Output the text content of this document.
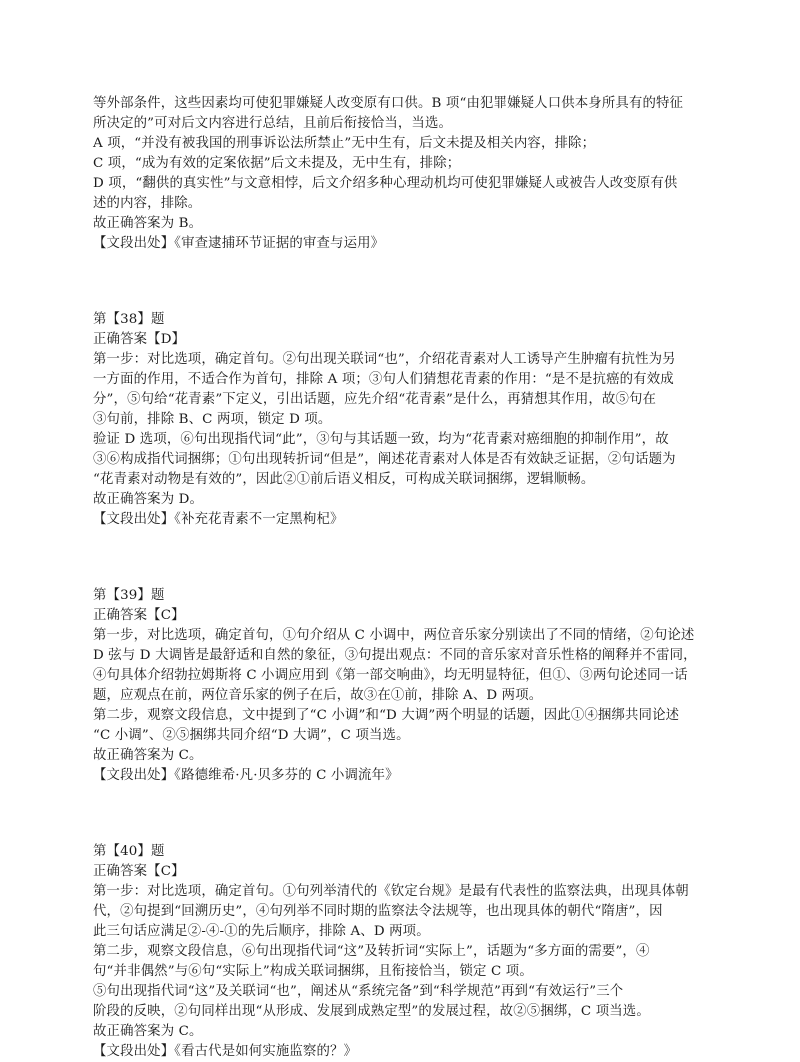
等外部条件，这些因素均可使犯罪嫌疑人改变原有口供。B 项“由犯罪嫌疑人口供本身所具有的特征
所决定的”可对后文内容进行总结，且前后衔接恰当，当选。
A 项，“并没有被我国的刑事诉讼法所禁止”无中生有，后文未提及相关内容，排除；
C 项，“成为有效的定案依据”后文未提及，无中生有，排除；
D 项，“翻供的真实性”与文意相悖，后文介绍多种心理动机均可使犯罪嫌疑人或被告人改变原有供
述的内容，排除。
故正确答案为 B。
【文段出处】《审查逮捕环节证据的审查与运用》
第【38】题
正确答案【D】
第一步：对比选项，确定首句。②句出现关联词“也”，介绍花青素对人工诱导产生肿瘤有抗性为另
一方面的作用，不适合作为首句，排除 A 项；③句人们猜想花青素的作用：“是不是抗癌的有效成
分”，⑤句给“花青素”下定义，引出话题，应先介绍“花青素”是什么，再猜想其作用，故⑤句在
③句前，排除 B、C 两项，锁定 D 项。
验证 D 选项，⑥句出现指代词“此”，③句与其话题一致，均为“花青素对癌细胞的抑制作用”，故
③⑥构成指代词捆绑；①句出现转折词“但是”，阐述花青素对人体是否有效缺乏证据，②句话题为
“花青素对动物是有效的”，因此②①前后语义相反，可构成关联词捆绑，逻辑顺畅。
故正确答案为 D。
【文段出处】《补充花青素不一定黑枸杞》
第【39】题
正确答案【C】
第一步，对比选项，确定首句，①句介绍从 C 小调中，两位音乐家分别读出了不同的情绪，②句论述
D 弦与 D 大调皆是最舒适和自然的象征，③句提出观点：不同的音乐家对音乐性格的阐释并不雷同，
④句具体介绍勃拉姆斯将 C 小调应用到《第一部交响曲》，均无明显特征，但①、③两句论述同一话
题，应观点在前，两位音乐家的例子在后，故③在①前，排除 A、D 两项。
第二步，观察文段信息，文中提到了“C 小调”和“D 大调”两个明显的话题，因此①④捆绑共同论述
“C 小调”、②⑤捆绑共同介绍“D 大调”，C 项当选。
故正确答案为 C。
【文段出处】《路德维希·凡·贝多芬的 C 小调流年》
第【40】题
正确答案【C】
第一步：对比选项，确定首句。①句列举清代的《钦定台规》是最有代表性的监察法典，出现具体朝
代，②句提到“回溯历史”，④句列举不同时期的监察法令法规等，也出现具体的朝代“隋唐”，因
此三句话应满足②-④-①的先后顺序，排除 A、D 两项。
第二步，观察文段信息，⑥句出现指代词“这”及转折词“实际上”，话题为“多方面的需要”，④
句“并非偶然”与⑥句“实际上”构成关联词捆绑，且衔接恰当，锁定 C 项。
⑤句出现指代词“这”及关联词“也”，阐述从“系统完备”到“科学规范”再到“有效运行”三个
阶段的反映，②句同样出现“从形成、发展到成熟定型”的发展过程，故②⑤捆绑，C 项当选。
故正确答案为 C。
【文段出处】《看古代是如何实施监察的？》
